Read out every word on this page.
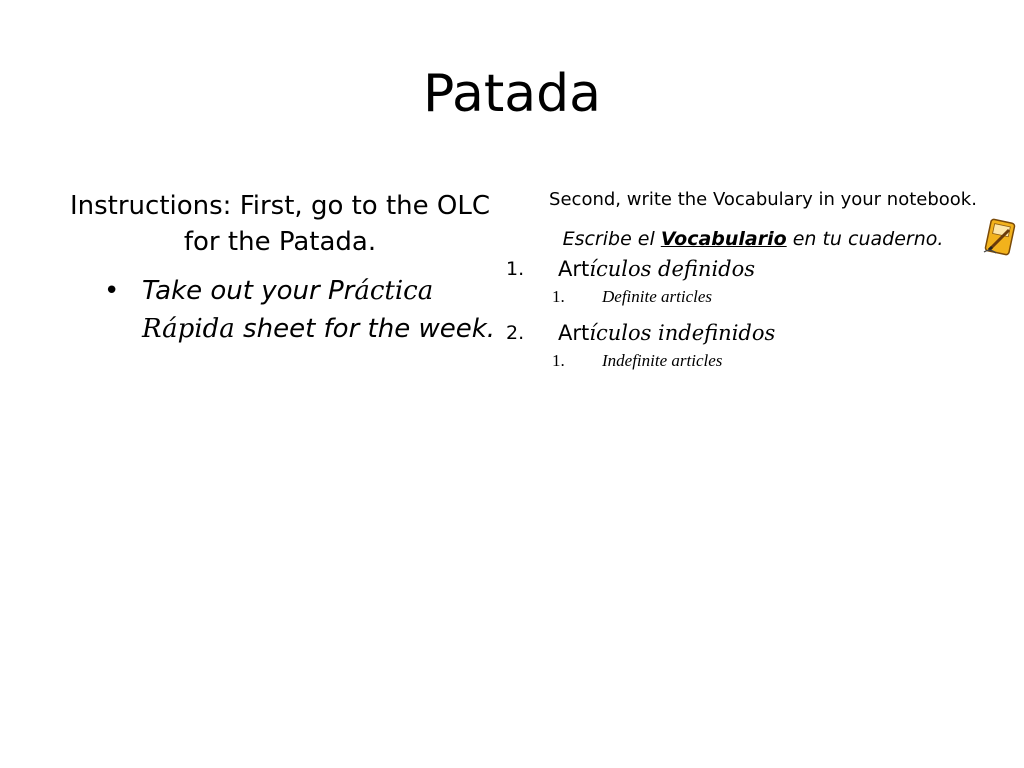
Patada
Instructions: First, go to the OLC for the Patada.
• Take out your Práctica Rápida sheet for the week.
Second, write the Vocabulary in your notebook.
Escribe el Vocabulario en tu cuaderno.
1. Artículos definidos
1. Definite articles
2. Artículos indefinidos
1. Indefinite articles
